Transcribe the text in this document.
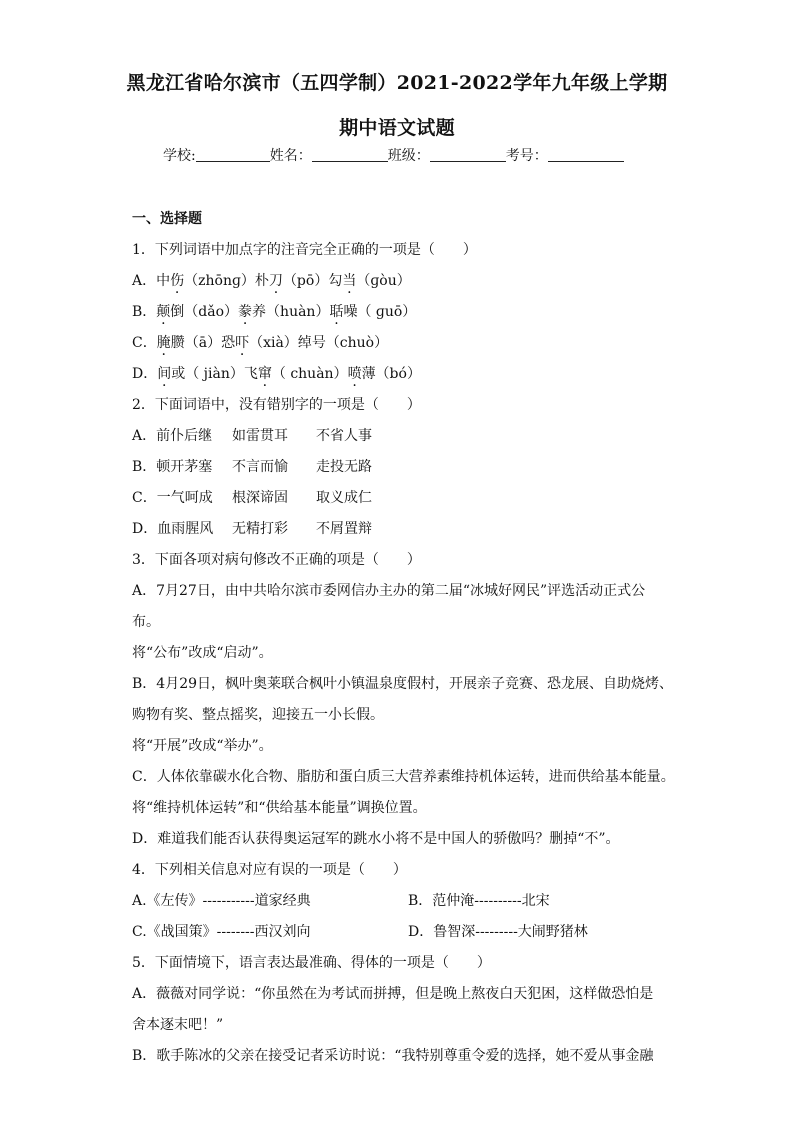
黑龙江省哈尔滨市（五四学制）2021-2022学年九年级上学期
期中语文试题
学校:	姓名：	班级：	考号：
一、选择题
1．下列词语中加点字的注音完全正确的一项是（　　）
A．中伤（zhōnɡ）朴刀（pō）勾当（ɡòu）
B．颠倒（dǎo）豢养（huàn）聒噪（ ɡuō）
C．腌臜（ā）恐吓（xià）绰号（chuò）
D．间或（ jiàn）飞窜（ chuàn）喷薄（bó）
2．下面词语中，没有错别字的一项是（　　）
A．前仆后继 如雷贯耳 不省人事
B．顿开茅塞 不言而愉 走投无路
C．一气呵成 根深谛固 取义成仁
D．血雨腥风 无精打彩 不屑置辩
3．下面各项对病句修改不正确的项是（　　）
A．7月27日，由中共哈尔滨市委网信办主办的第二届“冰城好网民”评选活动正式公
布。
将“公布”改成“启动”。
B．4月29日，枫叶奥莱联合枫叶小镇温泉度假村，开展亲子竞赛、恐龙展、自助烧烤、
购物有奖、整点摇奖，迎接五一小长假。
将“开展”改成“举办”。
C．人体依靠碳水化合物、脂肪和蛋白质三大营养素维持机体运转，进而供给基本能量。
将“维持机体运转”和“供给基本能量”调换位置。
D．难道我们能否认获得奥运冠军的跳水小将不是中国人的骄傲吗？删掉“不”。
4．下列相关信息对应有误的一项是（　　）
A.《左传》-----------道家经典	B．范仲淹----------北宋
C.《战国策》--------西汉刘向	D．鲁智深---------大闹野猪林
5．下面情境下，语言表达最准确、得体的一项是（　　）
A．薇薇对同学说：“你虽然在为考试而拼搏，但是晚上熬夜白天犯困，这样做恐怕是
舍本逐末吧！”
B．歌手陈冰的父亲在接受记者采访时说：“我特别尊重令爱的选择，她不爱从事金融
